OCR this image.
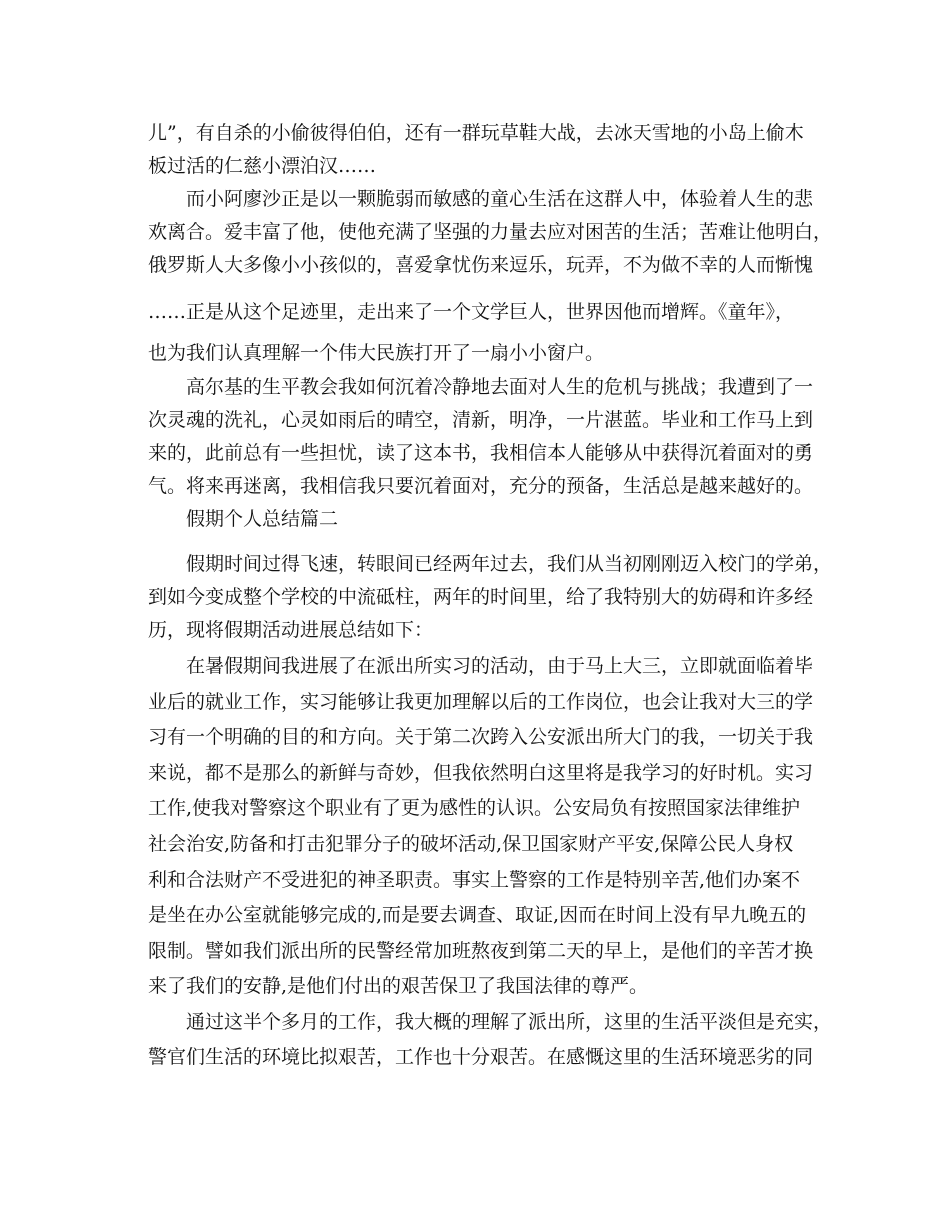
儿”，有自杀的小偷彼得伯伯，还有一群玩草鞋大战，去冰天雪地的小岛上偷木

板过活的仁慈小漂泊汉……

而小阿廖沙正是以一颗脆弱而敏感的童心生活在这群人中，体验着人生的悲

欢离合。爱丰富了他，使他充满了坚强的力量去应对困苦的生活；苦难让他明白，

俄罗斯人大多像小小孩似的，喜爱拿忧伤来逗乐，玩弄，不为做不幸的人而惭愧

……正是从这个足迹里，走出来了一个文学巨人，世界因他而增辉。《童年》，

也为我们认真理解一个伟大民族打开了一扇小小窗户。

高尔基的生平教会我如何沉着冷静地去面对人生的危机与挑战；我遭到了一

次灵魂的洗礼，心灵如雨后的晴空，清新，明净，一片湛蓝。毕业和工作马上到

来的，此前总有一些担忧，读了这本书，我相信本人能够从中获得沉着面对的勇

气。将来再迷离，我相信我只要沉着面对，充分的预备，生活总是越来越好的。

假期个人总结篇二

假期时间过得飞速，转眼间已经两年过去，我们从当初刚刚迈入校门的学弟，

到如今变成整个学校的中流砥柱，两年的时间里，给了我特别大的妨碍和许多经

历，现将假期活动进展总结如下：

在暑假期间我进展了在派出所实习的活动，由于马上大三，立即就面临着毕

业后的就业工作，实习能够让我更加理解以后的工作岗位，也会让我对大三的学

习有一个明确的目的和方向。关于第二次跨入公安派出所大门的我，一切关于我

来说，都不是那么的新鲜与奇妙，但我依然明白这里将是我学习的好时机。实习

工作,使我对警察这个职业有了更为感性的认识。公安局负有按照国家法律维护

社会治安,防备和打击犯罪分子的破坏活动,保卫国家财产平安,保障公民人身权

利和合法财产不受进犯的神圣职责。事实上警察的工作是特别辛苦,他们办案不

是坐在办公室就能够完成的,而是要去调查、取证,因而在时间上没有早九晚五的

限制。譬如我们派出所的民警经常加班熬夜到第二天的早上，是他们的辛苦才换

来了我们的安静,是他们付出的艰苦保卫了我国法律的尊严。

通过这半个多月的工作，我大概的理解了派出所，这里的生活平淡但是充实，

警官们生活的环境比拟艰苦，工作也十分艰苦。在感慨这里的生活环境恶劣的同
